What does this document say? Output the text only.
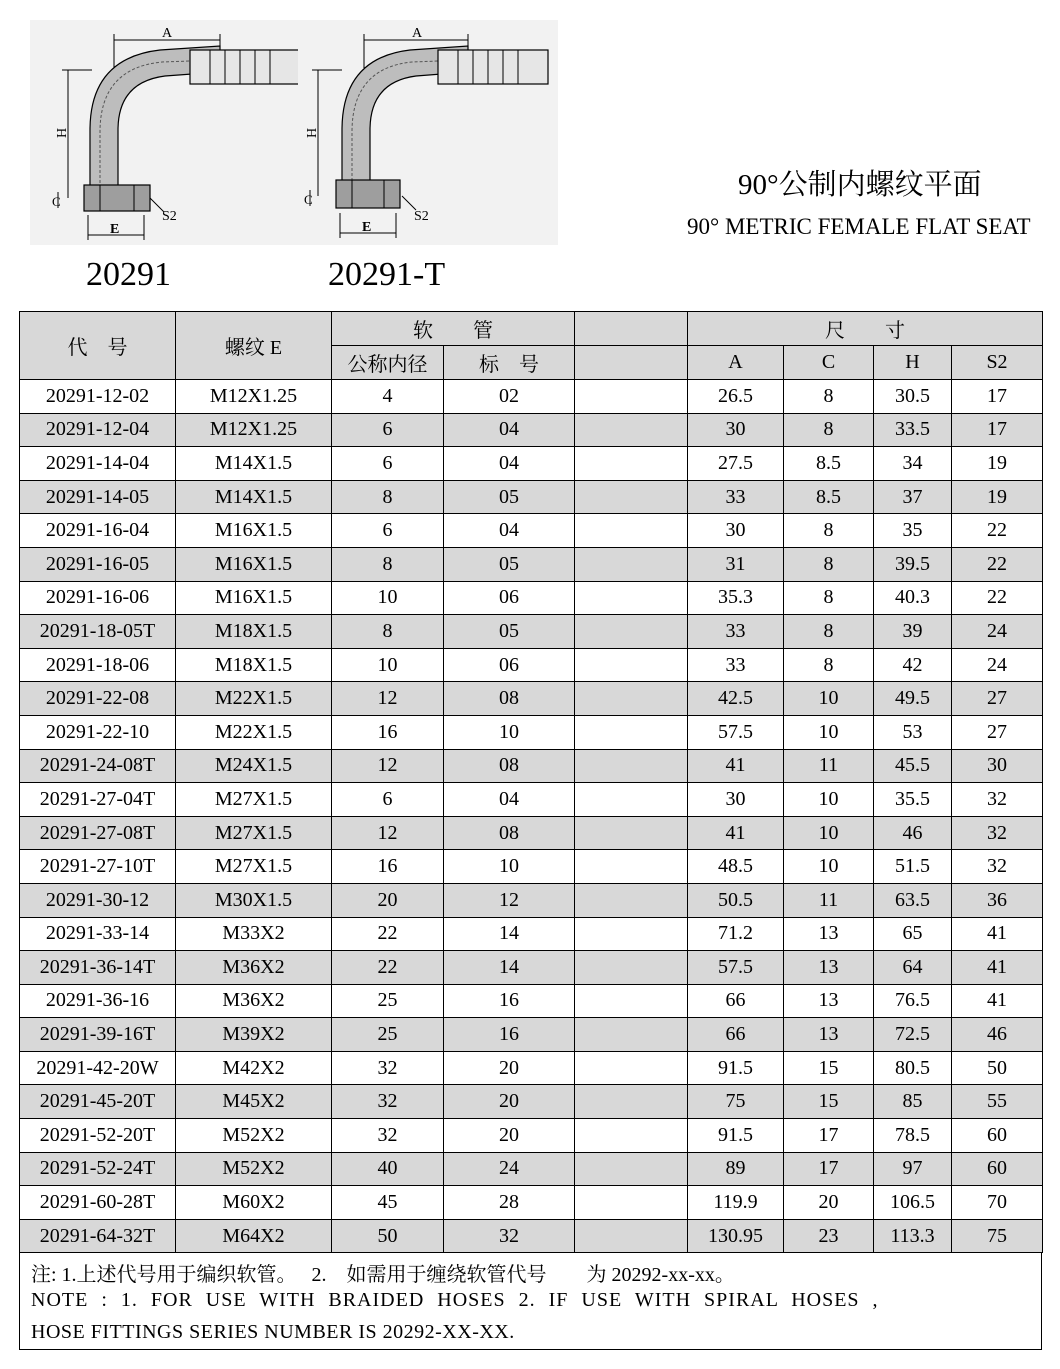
A
H
C
E
S2
A
H
C
E
S2
20291	20291-T
90°公制内螺纹平面
90° METRIC FEMALE FLAT SEAT
代　号	螺纹 E	软　　管			尺　　寸			
		公称内径	标　号		A	C	H	S2
20291-12-02	M12X1.25	4	02		26.5	8	30.5	17
20291-12-04	M12X1.25	6	04		30	8	33.5	17
20291-14-04	M14X1.5	6	04		27.5	8.5	34	19
20291-14-05	M14X1.5	8	05		33	8.5	37	19
20291-16-04	M16X1.5	6	04		30	8	35	22
20291-16-05	M16X1.5	8	05		31	8	39.5	22
20291-16-06	M16X1.5	10	06		35.3	8	40.3	22
20291-18-05T	M18X1.5	8	05		33	8	39	24
20291-18-06	M18X1.5	10	06		33	8	42	24
20291-22-08	M22X1.5	12	08		42.5	10	49.5	27
20291-22-10	M22X1.5	16	10		57.5	10	53	27
20291-24-08T	M24X1.5	12	08		41	11	45.5	30
20291-27-04T	M27X1.5	6	04		30	10	35.5	32
20291-27-08T	M27X1.5	12	08		41	10	46	32
20291-27-10T	M27X1.5	16	10		48.5	10	51.5	32
20291-30-12	M30X1.5	20	12		50.5	11	63.5	36
20291-33-14	M33X2	22	14		71.2	13	65	41
20291-36-14T	M36X2	22	14		57.5	13	64	41
20291-36-16	M36X2	25	16		66	13	76.5	41
20291-39-16T	M39X2	25	16		66	13	72.5	46
20291-42-20W	M42X2	32	20		91.5	15	80.5	50
20291-45-20T	M45X2	32	20		75	15	85	55
20291-52-20T	M52X2	32	20		91.5	17	78.5	60
20291-52-24T	M52X2	40	24		89	17	97	60
20291-60-28T	M60X2	45	28		119.9	20	106.5	70
20291-64-32T	M64X2	50	32		130.95	23	113.3	75
注: 1.上述代号用于编织软管。　 2.　如需用于缠绕软管代号　　为 20292-xx-xx。
NOTE : 1. FOR USE WITH BRAIDED HOSES 2. IF USE WITH SPIRAL HOSES ,
HOSE FITTINGS SERIES NUMBER IS 20292-XX-XX.
